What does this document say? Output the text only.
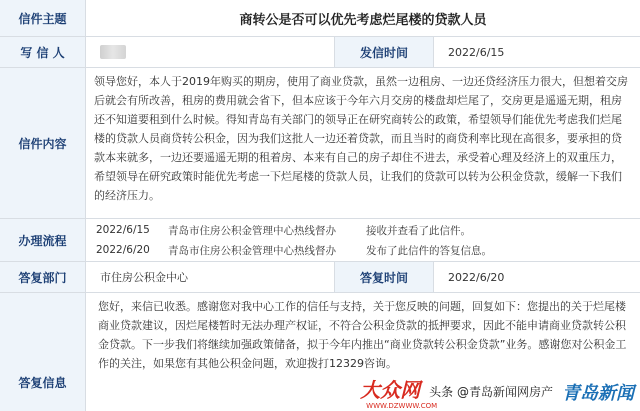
信件主题	商转公是否可以优先考虑烂尾楼的贷款人员
写 信 人	发信时间	2022/6/15
信件内容
领导您好，本人于2019年购买的期房，使用了商业贷款，虽然一边租房、一边还贷经济压力很大，但想着交房后就会有所改善，租房的费用就会省下，但本应该于今年六月交房的楼盘却烂尾了，交房更是遥遥无期，租房还不知道要租到什么时候。得知青岛有关部门的领导正在研究商转公的政策，希望领导们能优先考虑我们烂尾楼的贷款人员商贷转公积金，因为我们这批人一边还着贷款，而且当时的商贷利率比现在高很多，要承担的贷款本来就多，一边还要遥遥无期的租着房、本来有自己的房子却住不进去，承受着心理及经济上的双重压力，希望领导在研究政策时能优先考虑一下烂尾楼的贷款人员，让我们的贷款可以转为公积金贷款，缓解一下我们的经济压力。
办理流程
2022/6/15	青岛市住房公积金管理中心热线督办	接收并查看了此信件。
2022/6/20	青岛市住房公积金管理中心热线督办	发布了此信件的答复信息。
答复部门	市住房公积金中心	答复时间	2022/6/20
答复信息
您好，来信已收悉。感谢您对我中心工作的信任与支持，关于您反映的问题，回复如下：您提出的关于烂尾楼商业贷款建议，因烂尾楼暂时无法办理产权证，不符合公积金贷款的抵押要求，因此不能申请商业贷款转公积金贷款。下一步我们将继续加强政策储备，拟于今年内推出“商业贷款转公积金贷款”业务。感谢您对公积金工作的关注，如果您有其他公积金问题，欢迎拨打12329咨询。
大众网
WWW.DZWWW.COM
头条 @青岛新闻网房产 青岛新闻
